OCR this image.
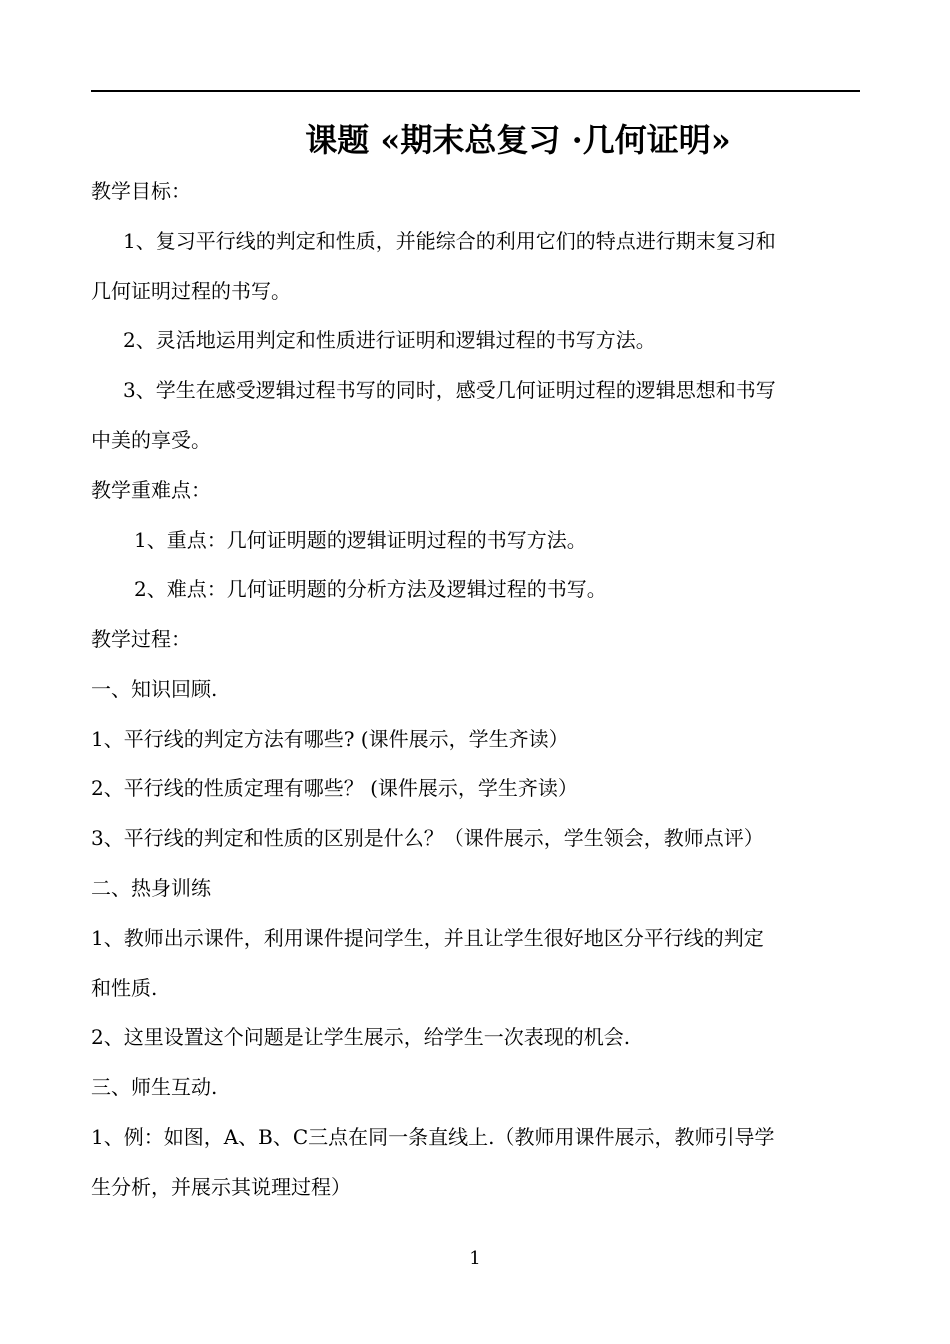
课题 «期末总复习 ·几何证明»
教学目标：
1、复习平行线的判定和性质，并能综合的利用它们的特点进行期末复习和
几何证明过程的书写。
2、灵活地运用判定和性质进行证明和逻辑过程的书写方法。
3、学生在感受逻辑过程书写的同时，感受几何证明过程的逻辑思想和书写
中美的享受。
教学重难点：
1、重点：几何证明题的逻辑证明过程的书写方法。
2、难点：几何证明题的分析方法及逻辑过程的书写。
教学过程：
一、知识回顾.
1、平行线的判定方法有哪些? (课件展示，学生齐读）
2、平行线的性质定理有哪些？ (课件展示，学生齐读）
3、平行线的判定和性质的区别是什么？（课件展示，学生领会，教师点评）
二、热身训练
1、教师出示课件，利用课件提问学生，并且让学生很好地区分平行线的判定
和性质.
2、这里设置这个问题是让学生展示，给学生一次表现的机会.
三、师生互动.
1、例：如图，A、B、C三点在同一条直线上.（教师用课件展示，教师引导学
生分析，并展示其说理过程）
1
